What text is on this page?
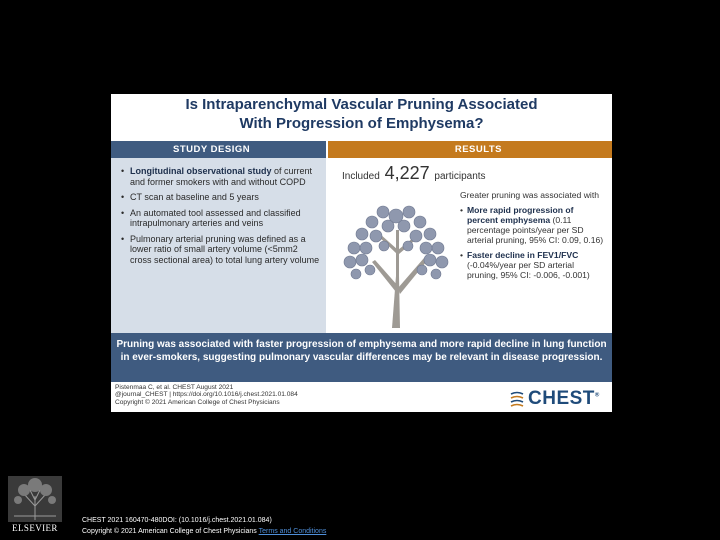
Is Intraparenchymal Vascular Pruning Associated
With Progression of Emphysema?
STUDY DESIGN	RESULTS
• Longitudinal observational study of current and former smokers with and without COPD
• CT scan at baseline and 5 years
• An automated tool assessed and classified intrapulmonary arteries and veins
• Pulmonary arterial pruning was defined as a lower ratio of small artery volume (<5mm2 cross sectional area) to total lung artery volume
Included 4,227 participants

Greater pruning was associated with

• More rapid progression of percent emphysema (0.11 percentage points/year per SD arterial pruning, 95% CI: 0.09, 0.16)
• Faster decline in FEV1/FVC (-0.04%/year per SD arterial pruning, 95% CI: -0.006, -0.001)
Pruning was associated with faster progression of emphysema and more rapid decline in lung function in ever-smokers, suggesting pulmonary vascular differences may be relevant in disease progression.
Pistenmaa C, et al. CHEST August 2021
@journal_CHEST | https://doi.org/10.1016/j.chest.2021.01.084
Copyright © 2021 American College of Chest Physicians	CHEST®
ELSEVIER
CHEST 2021 160470-480DOI: (10.1016/j.chest.2021.01.084)
Copyright © 2021 American College of Chest Physicians Terms and Conditions
